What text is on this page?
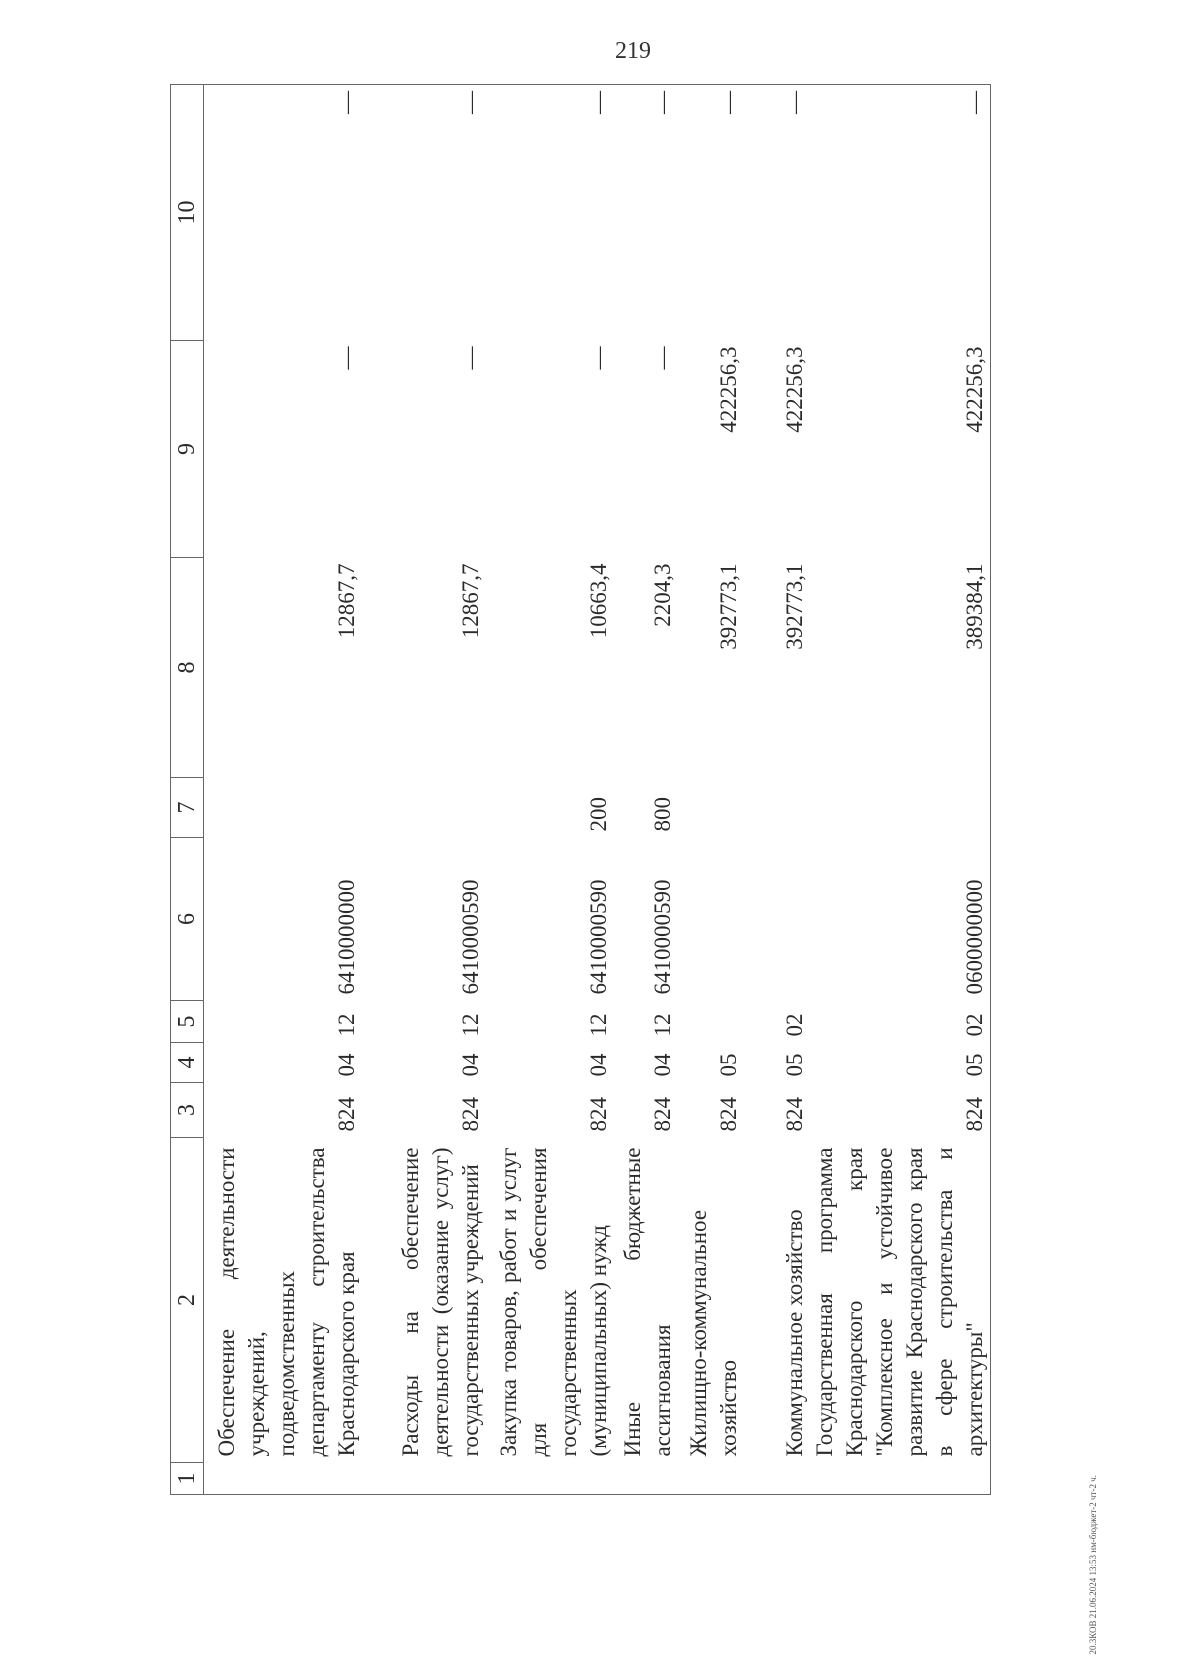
219
20.3КОВ 21.06.2024 13:53 нм-бюджет-2 чт-2 ч.
1	2	3	4	5	6	7	8	9	10
	Обеспечение деятельности учреждений, подведомственных департаменту строительства Краснодарского края	824	04	12	6410000000		12867,7	—	—
	Расходы на обеспечение деятельности (оказание услуг) государственных учреждений	824	04	12	6410000590		12867,7	—	—
	Закупка товаров, работ и услуг для обеспечения государственных (муниципальных) нужд	824	04	12	6410000590	200	10663,4	—	—
	Иные бюджетные ассигнования	824	04	12	6410000590	800	2204,3	—	—
	Жилищно-коммунальное хозяйство	824	05				392773,1	422256,3	—
	Коммунальное хозяйство	824	05	02			392773,1	422256,3	—
	Государственная программа Краснодарского края "Комплексное и устойчивое развитие Краснодарского края в сфере строительства и архитектуры"	824	05	02	0600000000		389384,1	422256,3	—
